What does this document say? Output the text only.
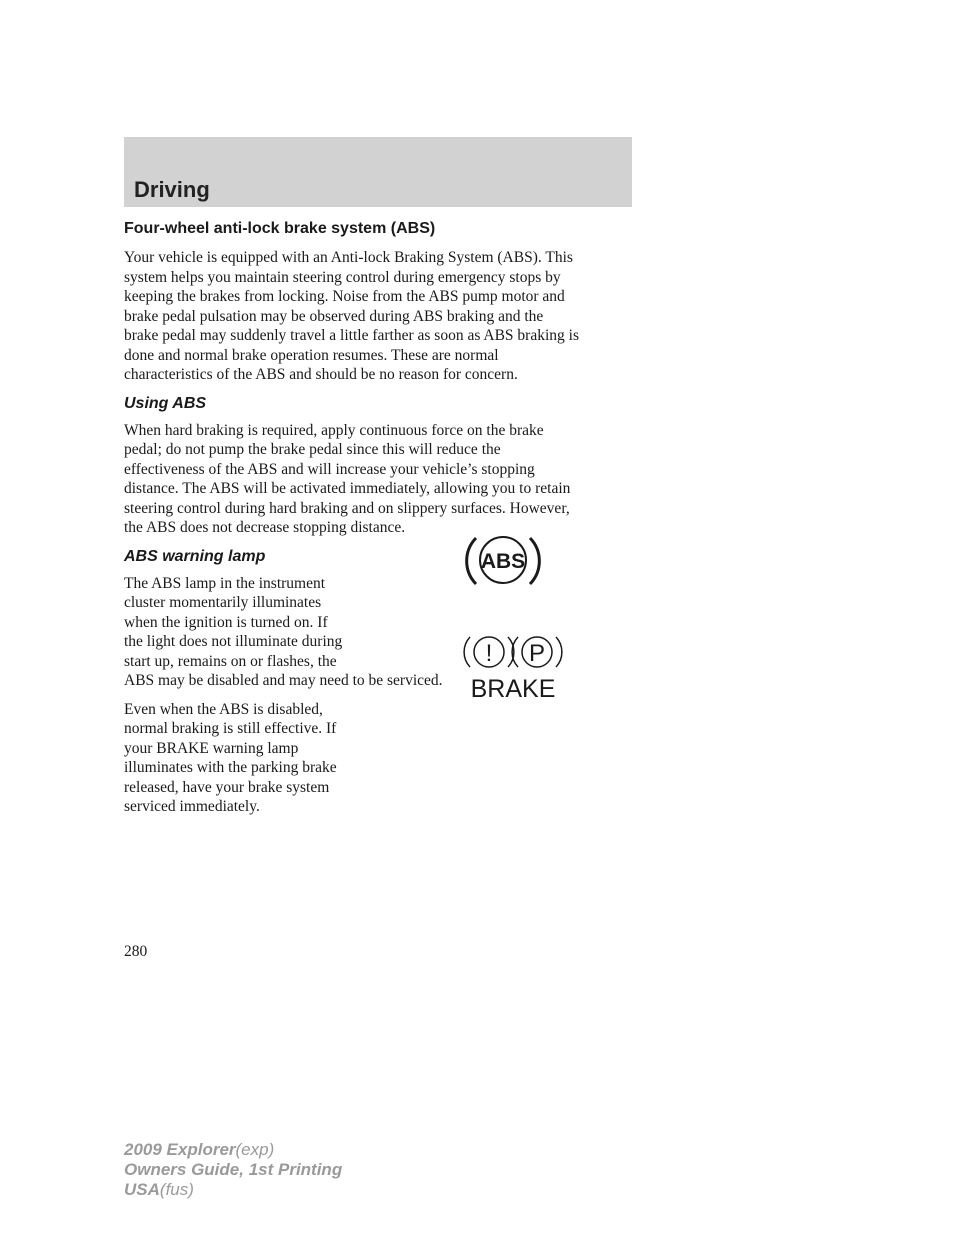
Driving
Four-wheel anti-lock brake system (ABS)

Your vehicle is equipped with an Anti-lock Braking System (ABS). This
system helps you maintain steering control during emergency stops by
keeping the brakes from locking. Noise from the ABS pump motor and
brake pedal pulsation may be observed during ABS braking and the
brake pedal may suddenly travel a little farther as soon as ABS braking is
done and normal brake operation resumes. These are normal
characteristics of the ABS and should be no reason for concern.

Using ABS

When hard braking is required, apply continuous force on the brake
pedal; do not pump the brake pedal since this will reduce the
effectiveness of the ABS and will increase your vehicle’s stopping
distance. The ABS will be activated immediately, allowing you to retain
steering control during hard braking and on slippery surfaces. However,
the ABS does not decrease stopping distance.

ABS warning lamp

The ABS lamp in the instrument
cluster momentarily illuminates
when the ignition is turned on. If
the light does not illuminate during
start up, remains on or flashes, the
ABS may be disabled and may need to be serviced.

Even when the ABS is disabled,
normal braking is still effective. If
your BRAKE warning lamp
illuminates with the parking brake
released, have your brake system
serviced immediately.

ABS
! P
BRAKE
280
2009 Explorer(exp)
Owners Guide, 1st Printing
USA(fus)
